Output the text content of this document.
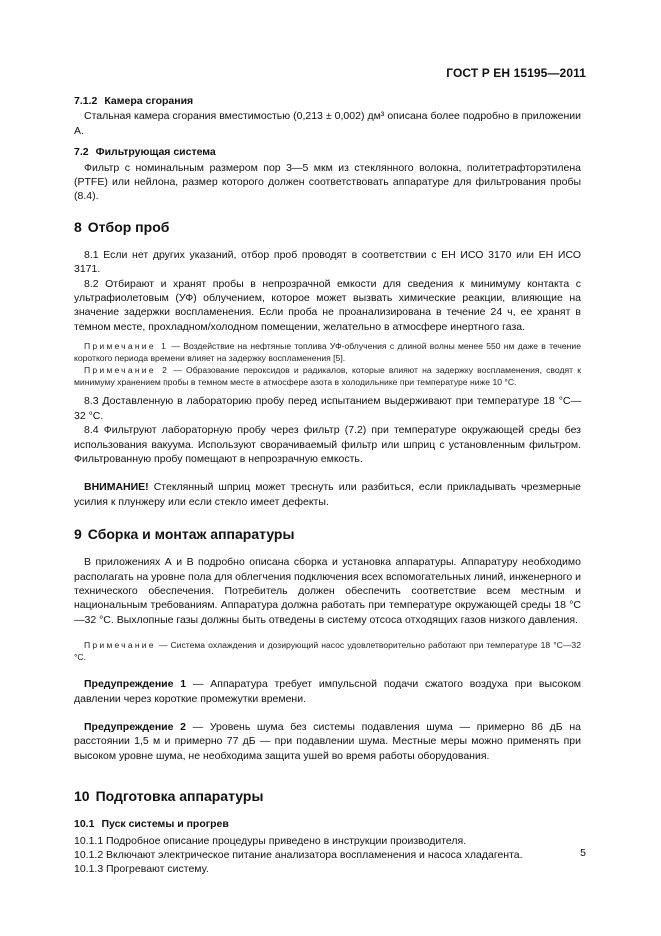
ГОСТ Р ЕН 15195—2011
7.1.2 Камера сгорания

Стальная камера сгорания вместимостью (0,213 ± 0,002) дм³ описана более подробно в приложении А.

7.2 Фильтрующая система

Фильтр с номинальным размером пор 3—5 мкм из стеклянного волокна, политетрафторэтилена (PTFE) или нейлона, размер которого должен соответствовать аппаратуре для фильтрования пробы (8.4).

8 Отбор проб

8.1 Если нет других указаний, отбор проб проводят в соответствии с ЕН ИСО 3170 или ЕН ИСО 3171.

8.2 Отбирают и хранят пробы в непрозрачной емкости для сведения к минимуму контакта с ультрафиолетовым (УФ) облучением, которое может вызвать химические реакции, влияющие на значение задержки воспламенения. Если проба не проанализирована в течение 24 ч, ее хранят в темном месте, прохладном/холодном помещении, желательно в атмосфере инертного газа.

Примечание 1 — Воздействие на нефтяные топлива УФ-облучения с длиной волны менее 550 нм даже в течение короткого периода времени влияет на задержку воспламенения [5].

Примечание 2 — Образование пероксидов и радикалов, которые влияют на задержку воспламенения, сводят к минимуму хранением пробы в темном месте в атмосфере азота в холодильнике при температуре ниже 10 °С.

8.3 Доставленную в лабораторию пробу перед испытанием выдерживают при температуре 18 °С—32 °С.

8.4 Фильтруют лабораторную пробу через фильтр (7.2) при температуре окружающей среды без использования вакуума. Используют сворачиваемый фильтр или шприц с установленным фильтром. Фильтрованную пробу помещают в непрозрачную емкость.

ВНИМАНИЕ! Стеклянный шприц может треснуть или разбиться, если прикладывать чрезмерные усилия к плунжеру или если стекло имеет дефекты.

9 Сборка и монтаж аппаратуры

В приложениях А и В подробно описана сборка и установка аппаратуры. Аппаратуру необходимо располагать на уровне пола для облегчения подключения всех вспомогательных линий, инженерного и технического обеспечения. Потребитель должен обеспечить соответствие всем местным и национальным требованиям. Аппаратура должна работать при температуре окружающей среды 18 °С—32 °С. Выхлопные газы должны быть отведены в систему отсоса отходящих газов низкого давления.

Примечание — Система охлаждения и дозирующий насос удовлетворительно работают при температуре 18 °С—32 °С.

Предупреждение 1 — Аппаратура требует импульсной подачи сжатого воздуха при высоком давлении через короткие промежутки времени.

Предупреждение 2 — Уровень шума без системы подавления шума — примерно 86 дБ на расстоянии 1,5 м и примерно 77 дБ — при подавлении шума. Местные меры можно применять при высоком уровне шума, не необходима защита ушей во время работы оборудования.

10 Подготовка аппаратуры
10.1 Пуск системы и прогрев

10.1.1 Подробное описание процедуры приведено в инструкции производителя.

10.1.2 Включают электрическое питание анализатора воспламенения и насоса хладагента.

10.1.3 Прогревают систему.

5
